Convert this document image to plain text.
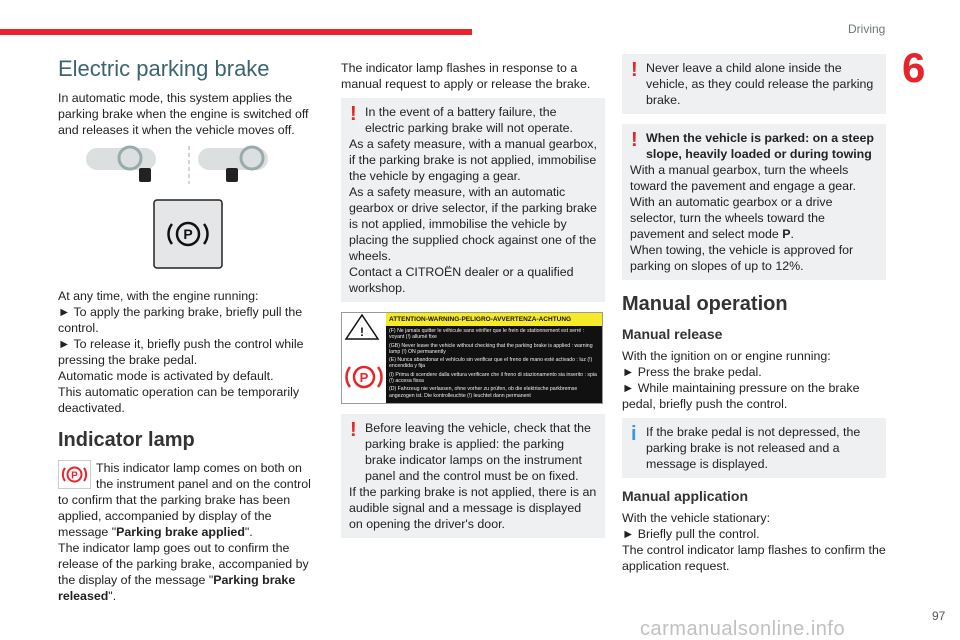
Driving
6
Electric parking brake

In automatic mode, this system applies the parking brake when the engine is switched off and releases it when the vehicle moves off.

P

At any time, with the engine running:

► To apply the parking brake, briefly pull the control.

► To release it, briefly push the control while pressing the brake pedal.

Automatic mode is activated by default.

This automatic operation can be temporarily deactivated.

Indicator lamp
P

This indicator lamp comes on both on the instrument panel and on the control to confirm that the parking brake has been applied, accompanied by display of the message "Parking brake applied".

The indicator lamp goes out to confirm the release of the parking brake, accompanied by the display of the message "Parking brake released".

The indicator lamp flashes in response to a manual request to apply or release the brake.

! In the event of a battery failure, the electric parking brake will not operate.

As a safety measure, with a manual gearbox, if the parking brake is not applied, immobilise the vehicle by engaging a gear.

As a safety measure, with an automatic gearbox or drive selector, if the parking brake is not applied, immobilise the vehicle by placing the supplied chock against one of the wheels.

Contact a CITROËN dealer or a qualified workshop.

!
P
ATTENTION-WARNING-PELIGRO-AVVERTENZA-ACHTUNG
(F) Ne jamais quitter le véhicule sans vérifier que le frein de stationnement est serré : voyant (!) allumé fixe
(GB) Never leave the vehicle without checking that the parking brake is applied : warning lamp (!) ON permanently
(E) Nunca abandonar el vehículo sin verificar que el freno de mano esté activado : luz (!) encendida y fija
(I) Prima di scendere dalla vettura verificare che il freno di stazionamento sia inserito : spia (!) accesa fissa
(D) Fahrzeug nie verlassen, ohne vorher zu prüfen, ob die elektrische parkbremse angezogen ist. Die kontrolleuchte (!) leuchtet dann permanent
! Before leaving the vehicle, check that the parking brake is applied: the parking brake indicator lamps on the instrument panel and the control must be on fixed.

If the parking brake is not applied, there is an audible signal and a message is displayed on opening the driver's door.

! Never leave a child alone inside the vehicle, as they could release the parking brake.

! When the vehicle is parked: on a steep slope, heavily loaded or during towing

With a manual gearbox, turn the wheels toward the pavement and engage a gear.

With an automatic gearbox or a drive selector, turn the wheels toward the pavement and select mode P.

When towing, the vehicle is approved for parking on slopes of up to 12%.

Manual operation
Manual release

With the ignition on or engine running:

► Press the brake pedal.

► While maintaining pressure on the brake pedal, briefly push the control.

i If the brake pedal is not depressed, the parking brake is not released and a message is displayed.

Manual application

With the vehicle stationary:

► Briefly pull the control.

The control indicator lamp flashes to confirm the application request.

carmanualsonline.info
97
